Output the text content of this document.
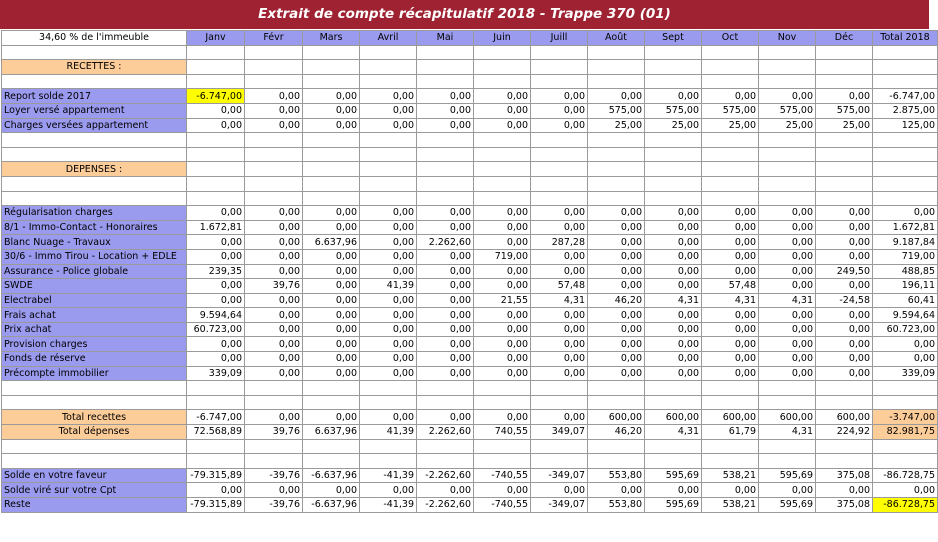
Extrait de compte récapitulatif 2018 - Trappe 370 (01)
34,60 % de l'immeuble	Janv	Févr	Mars	Avril	Mai	Juin	Juill	Août	Sept	Oct	Nov	Déc	Total 2018

RECETTES :													

Report solde 2017	-6.747,00	0,00	0,00	0,00	0,00	0,00	0,00	0,00	0,00	0,00	0,00	0,00	-6.747,00
Loyer versé appartement	0,00	0,00	0,00	0,00	0,00	0,00	0,00	575,00	575,00	575,00	575,00	575,00	2.875,00
Charges versées appartement	0,00	0,00	0,00	0,00	0,00	0,00	0,00	25,00	25,00	25,00	25,00	25,00	125,00

DEPENSES :													

Régularisation charges	0,00	0,00	0,00	0,00	0,00	0,00	0,00	0,00	0,00	0,00	0,00	0,00	0,00
8/1 - Immo-Contact - Honoraires	1.672,81	0,00	0,00	0,00	0,00	0,00	0,00	0,00	0,00	0,00	0,00	0,00	1.672,81
Blanc Nuage - Travaux	0,00	0,00	6.637,96	0,00	2.262,60	0,00	287,28	0,00	0,00	0,00	0,00	0,00	9.187,84
30/6 - Immo Tirou - Location + EDLE	0,00	0,00	0,00	0,00	0,00	719,00	0,00	0,00	0,00	0,00	0,00	0,00	719,00
Assurance - Police globale	239,35	0,00	0,00	0,00	0,00	0,00	0,00	0,00	0,00	0,00	0,00	249,50	488,85
SWDE	0,00	39,76	0,00	41,39	0,00	0,00	57,48	0,00	0,00	57,48	0,00	0,00	196,11
Electrabel	0,00	0,00	0,00	0,00	0,00	21,55	4,31	46,20	4,31	4,31	4,31	-24,58	60,41
Frais achat	9.594,64	0,00	0,00	0,00	0,00	0,00	0,00	0,00	0,00	0,00	0,00	0,00	9.594,64
Prix achat	60.723,00	0,00	0,00	0,00	0,00	0,00	0,00	0,00	0,00	0,00	0,00	0,00	60.723,00
Provision charges	0,00	0,00	0,00	0,00	0,00	0,00	0,00	0,00	0,00	0,00	0,00	0,00	0,00
Fonds de réserve	0,00	0,00	0,00	0,00	0,00	0,00	0,00	0,00	0,00	0,00	0,00	0,00	0,00
Précompte immobilier	339,09	0,00	0,00	0,00	0,00	0,00	0,00	0,00	0,00	0,00	0,00	0,00	339,09

Total recettes	-6.747,00	0,00	0,00	0,00	0,00	0,00	0,00	600,00	600,00	600,00	600,00	600,00	-3.747,00
Total dépenses	72.568,89	39,76	6.637,96	41,39	2.262,60	740,55	349,07	46,20	4,31	61,79	4,31	224,92	82.981,75

Solde en votre faveur	-79.315,89	-39,76	-6.637,96	-41,39	-2.262,60	-740,55	-349,07	553,80	595,69	538,21	595,69	375,08	-86.728,75
Solde viré sur votre Cpt	0,00	0,00	0,00	0,00	0,00	0,00	0,00	0,00	0,00	0,00	0,00	0,00	0,00
Reste	-79.315,89	-39,76	-6.637,96	-41,39	-2.262,60	-740,55	-349,07	553,80	595,69	538,21	595,69	375,08	-86.728,75
